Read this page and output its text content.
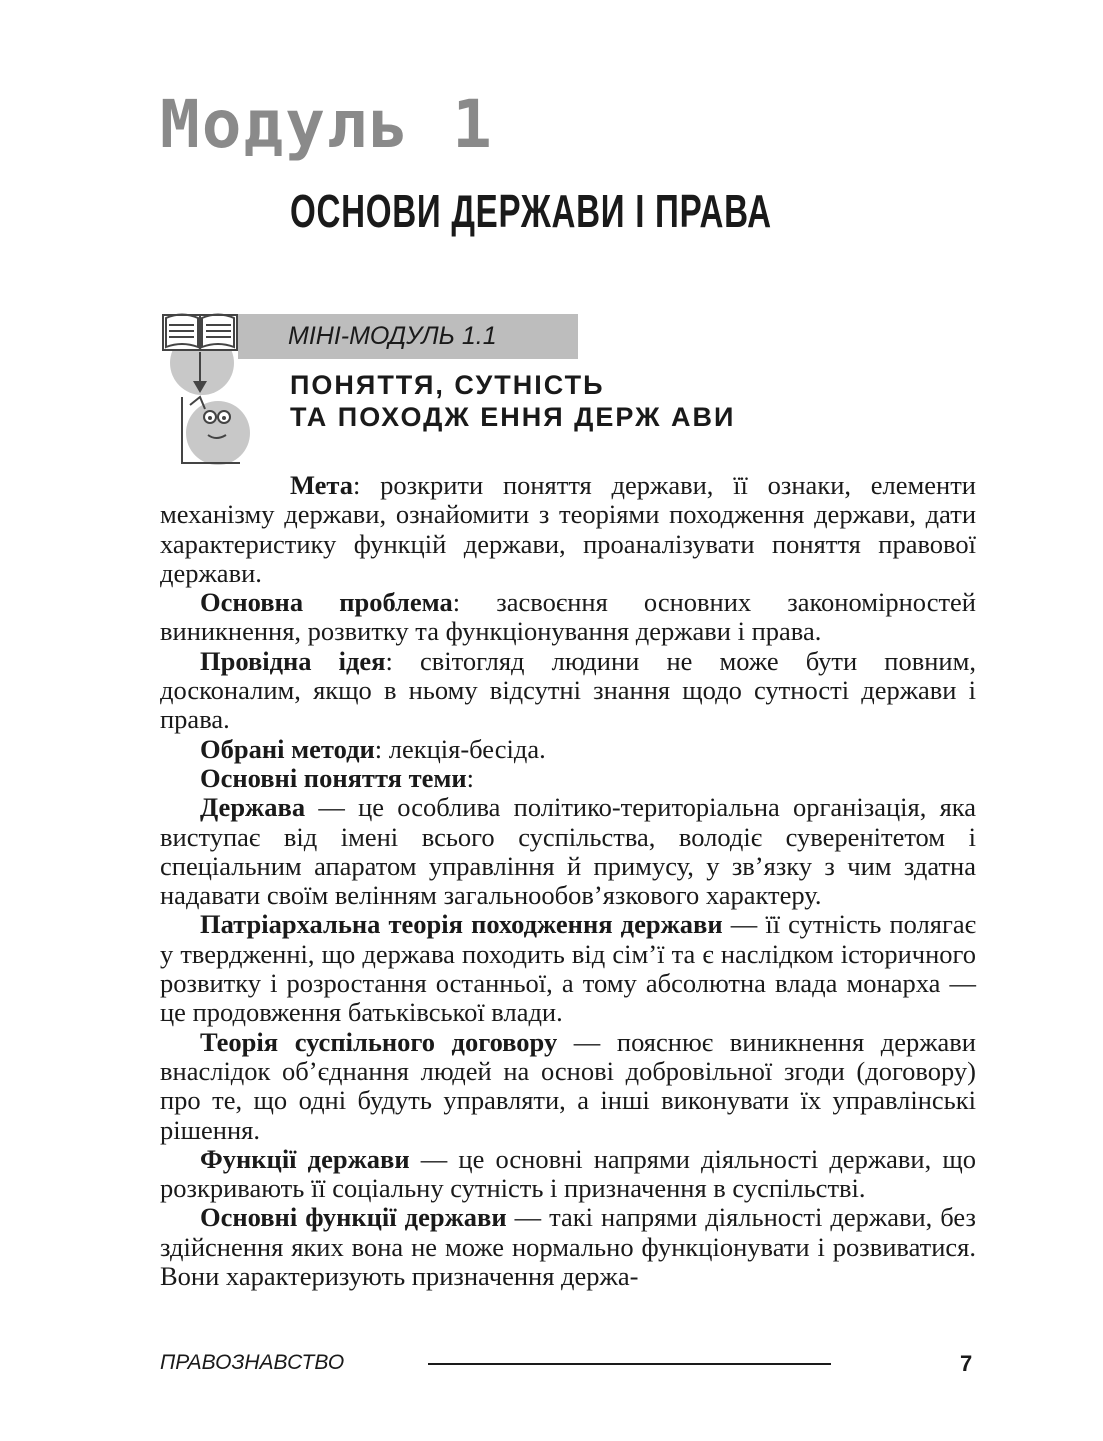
Модуль 1
ОСНОВИ ДЕРЖАВИ І ПРАВА
МІНІ-МОДУЛЬ 1.1
ПОНЯТТЯ, СУТНІСТЬ
ТА ПОХОДЖ ЕННЯ ДЕРЖ АВИ

Мета: розкрити поняття держави, її ознаки, елементи механізму держави, ознайомити з теоріями походження держави, дати характеристику функцій держави, проаналізувати поняття правової держави.

Основна проблема: засвоєння основних закономірностей виникнення, розвитку та функціонування держави і права.

Провідна ідея: світогляд людини не може бути повним, досконалим, якщо в ньому відсутні знання щодо сутності держави і права.

Обрані методи: лекція-бесіда.

Основні поняття теми:

Держава — це особлива політико-територіальна організація, яка виступає від імені всього суспільства, володіє суверенітетом і спеціальним апаратом управління й примусу, у зв’язку з чим здатна надавати своїм велінням загальнообов’язкового характеру.

Патріархальна теорія походження держави — її сутність полягає у твердженні, що держава походить від сім’ї та є наслідком історичного розвитку і розростання останньої, а тому абсолютна влада монарха — це продовження батьківської влади.

Теорія суспільного договору — пояснює виникнення держави внаслідок об’єднання людей на основі добровільної згоди (договору) про те, що одні будуть управляти, а інші виконувати їх управлінські рішення.

Функції держави — це основні напрями діяльності держави, що розкривають її соціальну сутність і призначення в суспільстві.

Основні функції держави — такі напрями діяльності держави, без здійснення яких вона не може нормально функціонувати і розвиватися. Вони характеризують призначення держа-

ПРАВОЗНАВСТВО	7
